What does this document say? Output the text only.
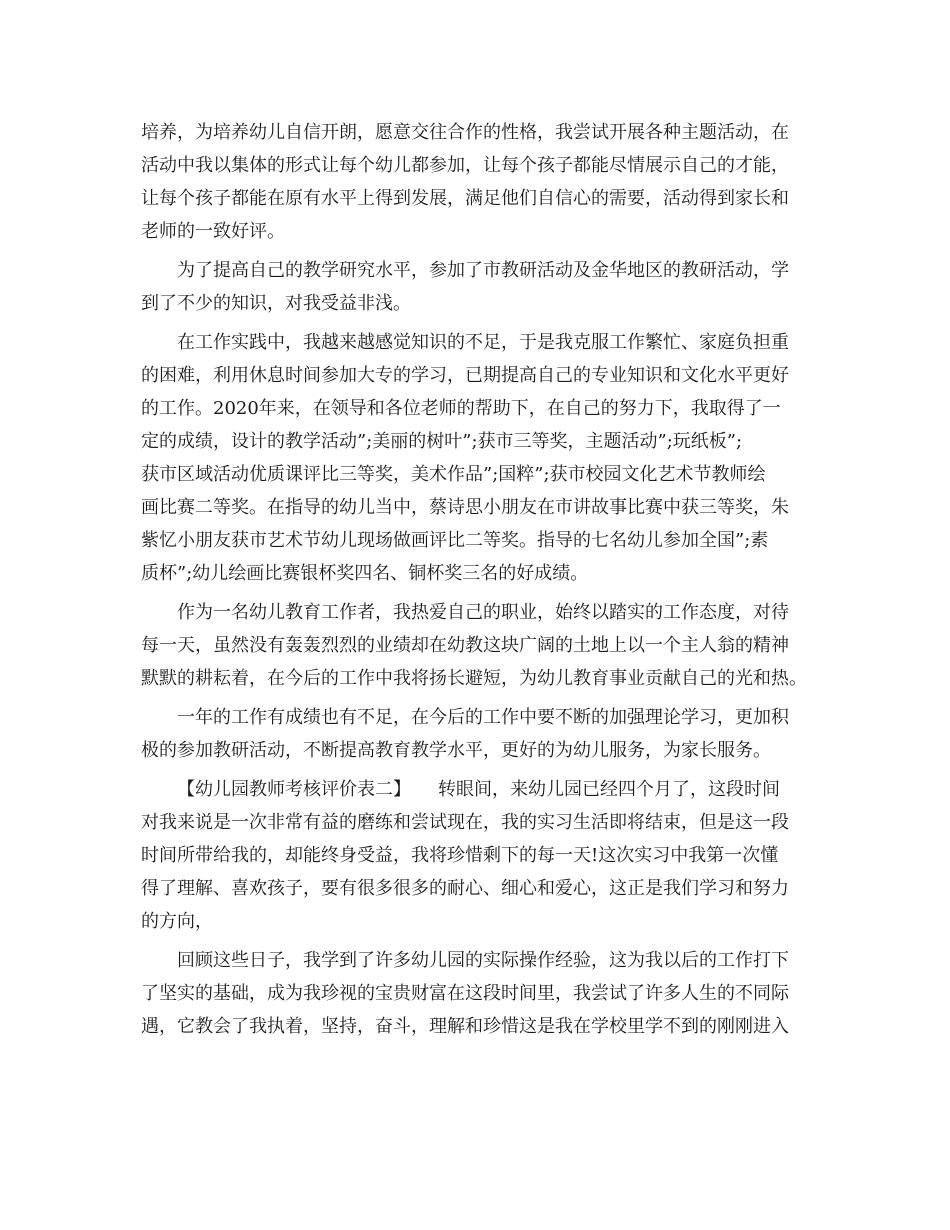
培养，为培养幼儿自信开朗，愿意交往合作的性格，我尝试开展各种主题活动，在
活动中我以集体的形式让每个幼儿都参加，让每个孩子都能尽情展示自己的才能，
让每个孩子都能在原有水平上得到发展，满足他们自信心的需要，活动得到家长和
老师的一致好评。
为了提高自己的教学研究水平，参加了市教研活动及金华地区的教研活动，学
到了不少的知识，对我受益非浅。
在工作实践中，我越来越感觉知识的不足，于是我克服工作繁忙、家庭负担重
的困难，利用休息时间参加大专的学习，已期提高自己的专业知识和文化水平更好
的工作。2020年来，在领导和各位老师的帮助下，在自己的努力下，我取得了一
定的成绩，设计的教学活动”;美丽的树叶”;获市三等奖，主题活动”;玩纸板”;
获市区域活动优质课评比三等奖，美术作品”;国粹”;获市校园文化艺术节教师绘
画比赛二等奖。在指导的幼儿当中，蔡诗思小朋友在市讲故事比赛中获三等奖，朱
紫忆小朋友获市艺术节幼儿现场做画评比二等奖。指导的七名幼儿参加全国”;素
质杯”;幼儿绘画比赛银杯奖四名、铜杯奖三名的好成绩。
作为一名幼儿教育工作者，我热爱自己的职业，始终以踏实的工作态度，对待
每一天，虽然没有轰轰烈烈的业绩却在幼教这块广阔的土地上以一个主人翁的精神
默默的耕耘着，在今后的工作中我将扬长避短，为幼儿教育事业贡献自己的光和热。
一年的工作有成绩也有不足，在今后的工作中要不断的加强理论学习，更加积
极的参加教研活动，不断提高教育教学水平，更好的为幼儿服务，为家长服务。
【幼儿园教师考核评价表二】　　转眼间，来幼儿园已经四个月了，这段时间
对我来说是一次非常有益的磨练和尝试现在，我的实习生活即将结束，但是这一段
时间所带给我的，却能终身受益，我将珍惜剩下的每一天!这次实习中我第一次懂
得了理解、喜欢孩子，要有很多很多的耐心、细心和爱心，这正是我们学习和努力
的方向，
回顾这些日子，我学到了许多幼儿园的实际操作经验，这为我以后的工作打下
了坚实的基础，成为我珍视的宝贵财富在这段时间里，我尝试了许多人生的不同际
遇，它教会了我执着，坚持，奋斗，理解和珍惜这是我在学校里学不到的刚刚进入
